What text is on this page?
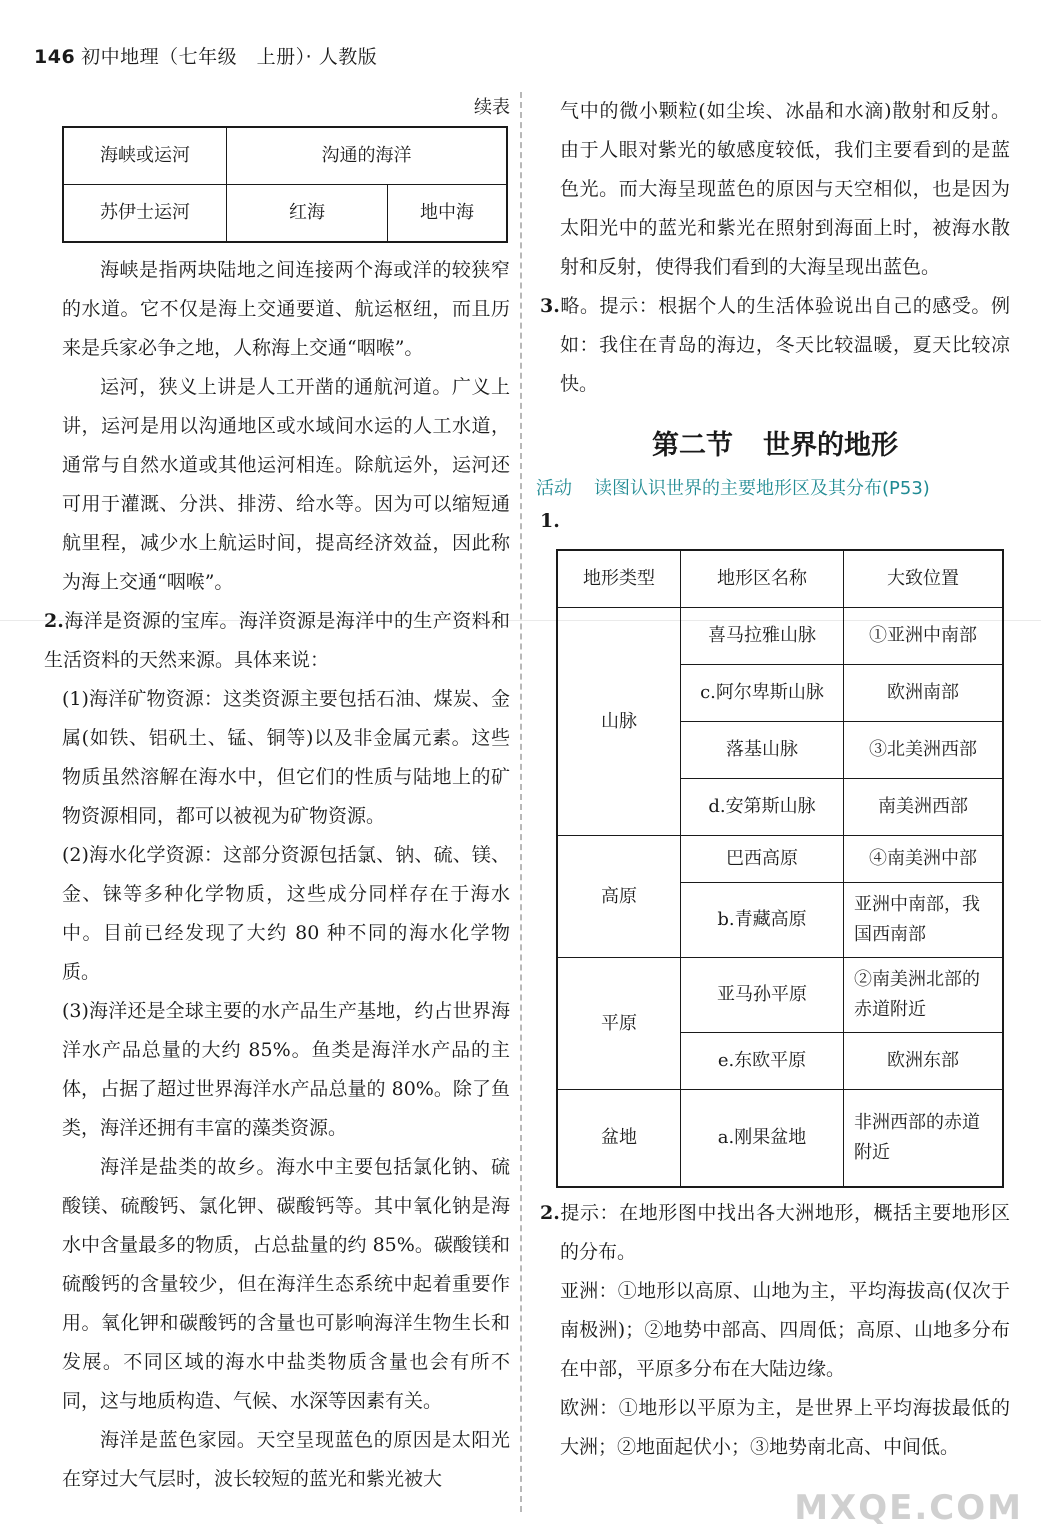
146 初中地理（七年级　上册）· 人教版
续表
海峡或运河	沟通的海洋	
苏伊士运河	红海	地中海

海峡是指两块陆地之间连接两个海或洋的较狭窄的水道。它不仅是海上交通要道、航运枢纽，而且历来是兵家必争之地，人称海上交通“咽喉”。

运河，狭义上讲是人工开凿的通航河道。广义上讲，运河是用以沟通地区或水域间水运的人工水道，通常与自然水道或其他运河相连。除航运外，运河还可用于灌溉、分洪、排涝、给水等。因为可以缩短通航里程，减少水上航运时间，提高经济效益，因此称为海上交通“咽喉”。

2.海洋是资源的宝库。海洋资源是海洋中的生产资料和生活资料的天然来源。具体来说：

(1)海洋矿物资源：这类资源主要包括石油、煤炭、金属(如铁、铝矾土、锰、铜等)以及非金属元素。这些物质虽然溶解在海水中，但它们的性质与陆地上的矿物资源相同，都可以被视为矿物资源。

(2)海水化学资源：这部分资源包括氯、钠、硫、镁、金、铼等多种化学物质，这些成分同样存在于海水中。目前已经发现了大约 80 种不同的海水化学物质。

(3)海洋还是全球主要的水产品生产基地，约占世界海洋水产品总量的大约 85%。鱼类是海洋水产品的主体，占据了超过世界海洋水产品总量的 80%。除了鱼类，海洋还拥有丰富的藻类资源。

海洋是盐类的故乡。海水中主要包括氯化钠、硫酸镁、硫酸钙、氯化钾、碳酸钙等。其中氧化钠是海水中含量最多的物质，占总盐量的约 85%。碳酸镁和硫酸钙的含量较少，但在海洋生态系统中起着重要作用。氧化钾和碳酸钙的含量也可影响海洋生物生长和发展。不同区域的海水中盐类物质含量也会有所不同，这与地质构造、气候、水深等因素有关。

海洋是蓝色家园。天空呈现蓝色的原因是太阳光在穿过大气层时，波长较短的蓝光和紫光被大

气中的微小颗粒(如尘埃、冰晶和水滴)散射和反射。由于人眼对紫光的敏感度较低，我们主要看到的是蓝色光。而大海呈现蓝色的原因与天空相似，也是因为太阳光中的蓝光和紫光在照射到海面上时，被海水散射和反射，使得我们看到的大海呈现出蓝色。

3.略。提示：根据个人的生活体验说出自己的感受。例如：我住在青岛的海边，冬天比较温暖，夏天比较凉快。

第二节 世界的地形
活动 读图认识世界的主要地形区及其分布(P53)

1.

地形类型	地形区名称	大致位置
山脉	喜马拉雅山脉	①亚洲中南部
	c.阿尔卑斯山脉	欧洲南部
	落基山脉	③北美洲西部
	d.安第斯山脉	南美洲西部
高原	巴西高原	④南美洲中部
	b.青藏高原	亚洲中南部，我国西南部
平原	亚马孙平原	②南美洲北部的赤道附近
	e.东欧平原	欧洲东部
盆地	a.刚果盆地	非洲西部的赤道附近

2.提示：在地形图中找出各大洲地形，概括主要地形区的分布。

亚洲：①地形以高原、山地为主，平均海拔高(仅次于南极洲)；②地势中部高、四周低；高原、山地多分布在中部，平原多分布在大陆边缘。

欧洲：①地形以平原为主，是世界上平均海拔最低的大洲；②地面起伏小；③地势南北高、中间低。

MXQE.COM
